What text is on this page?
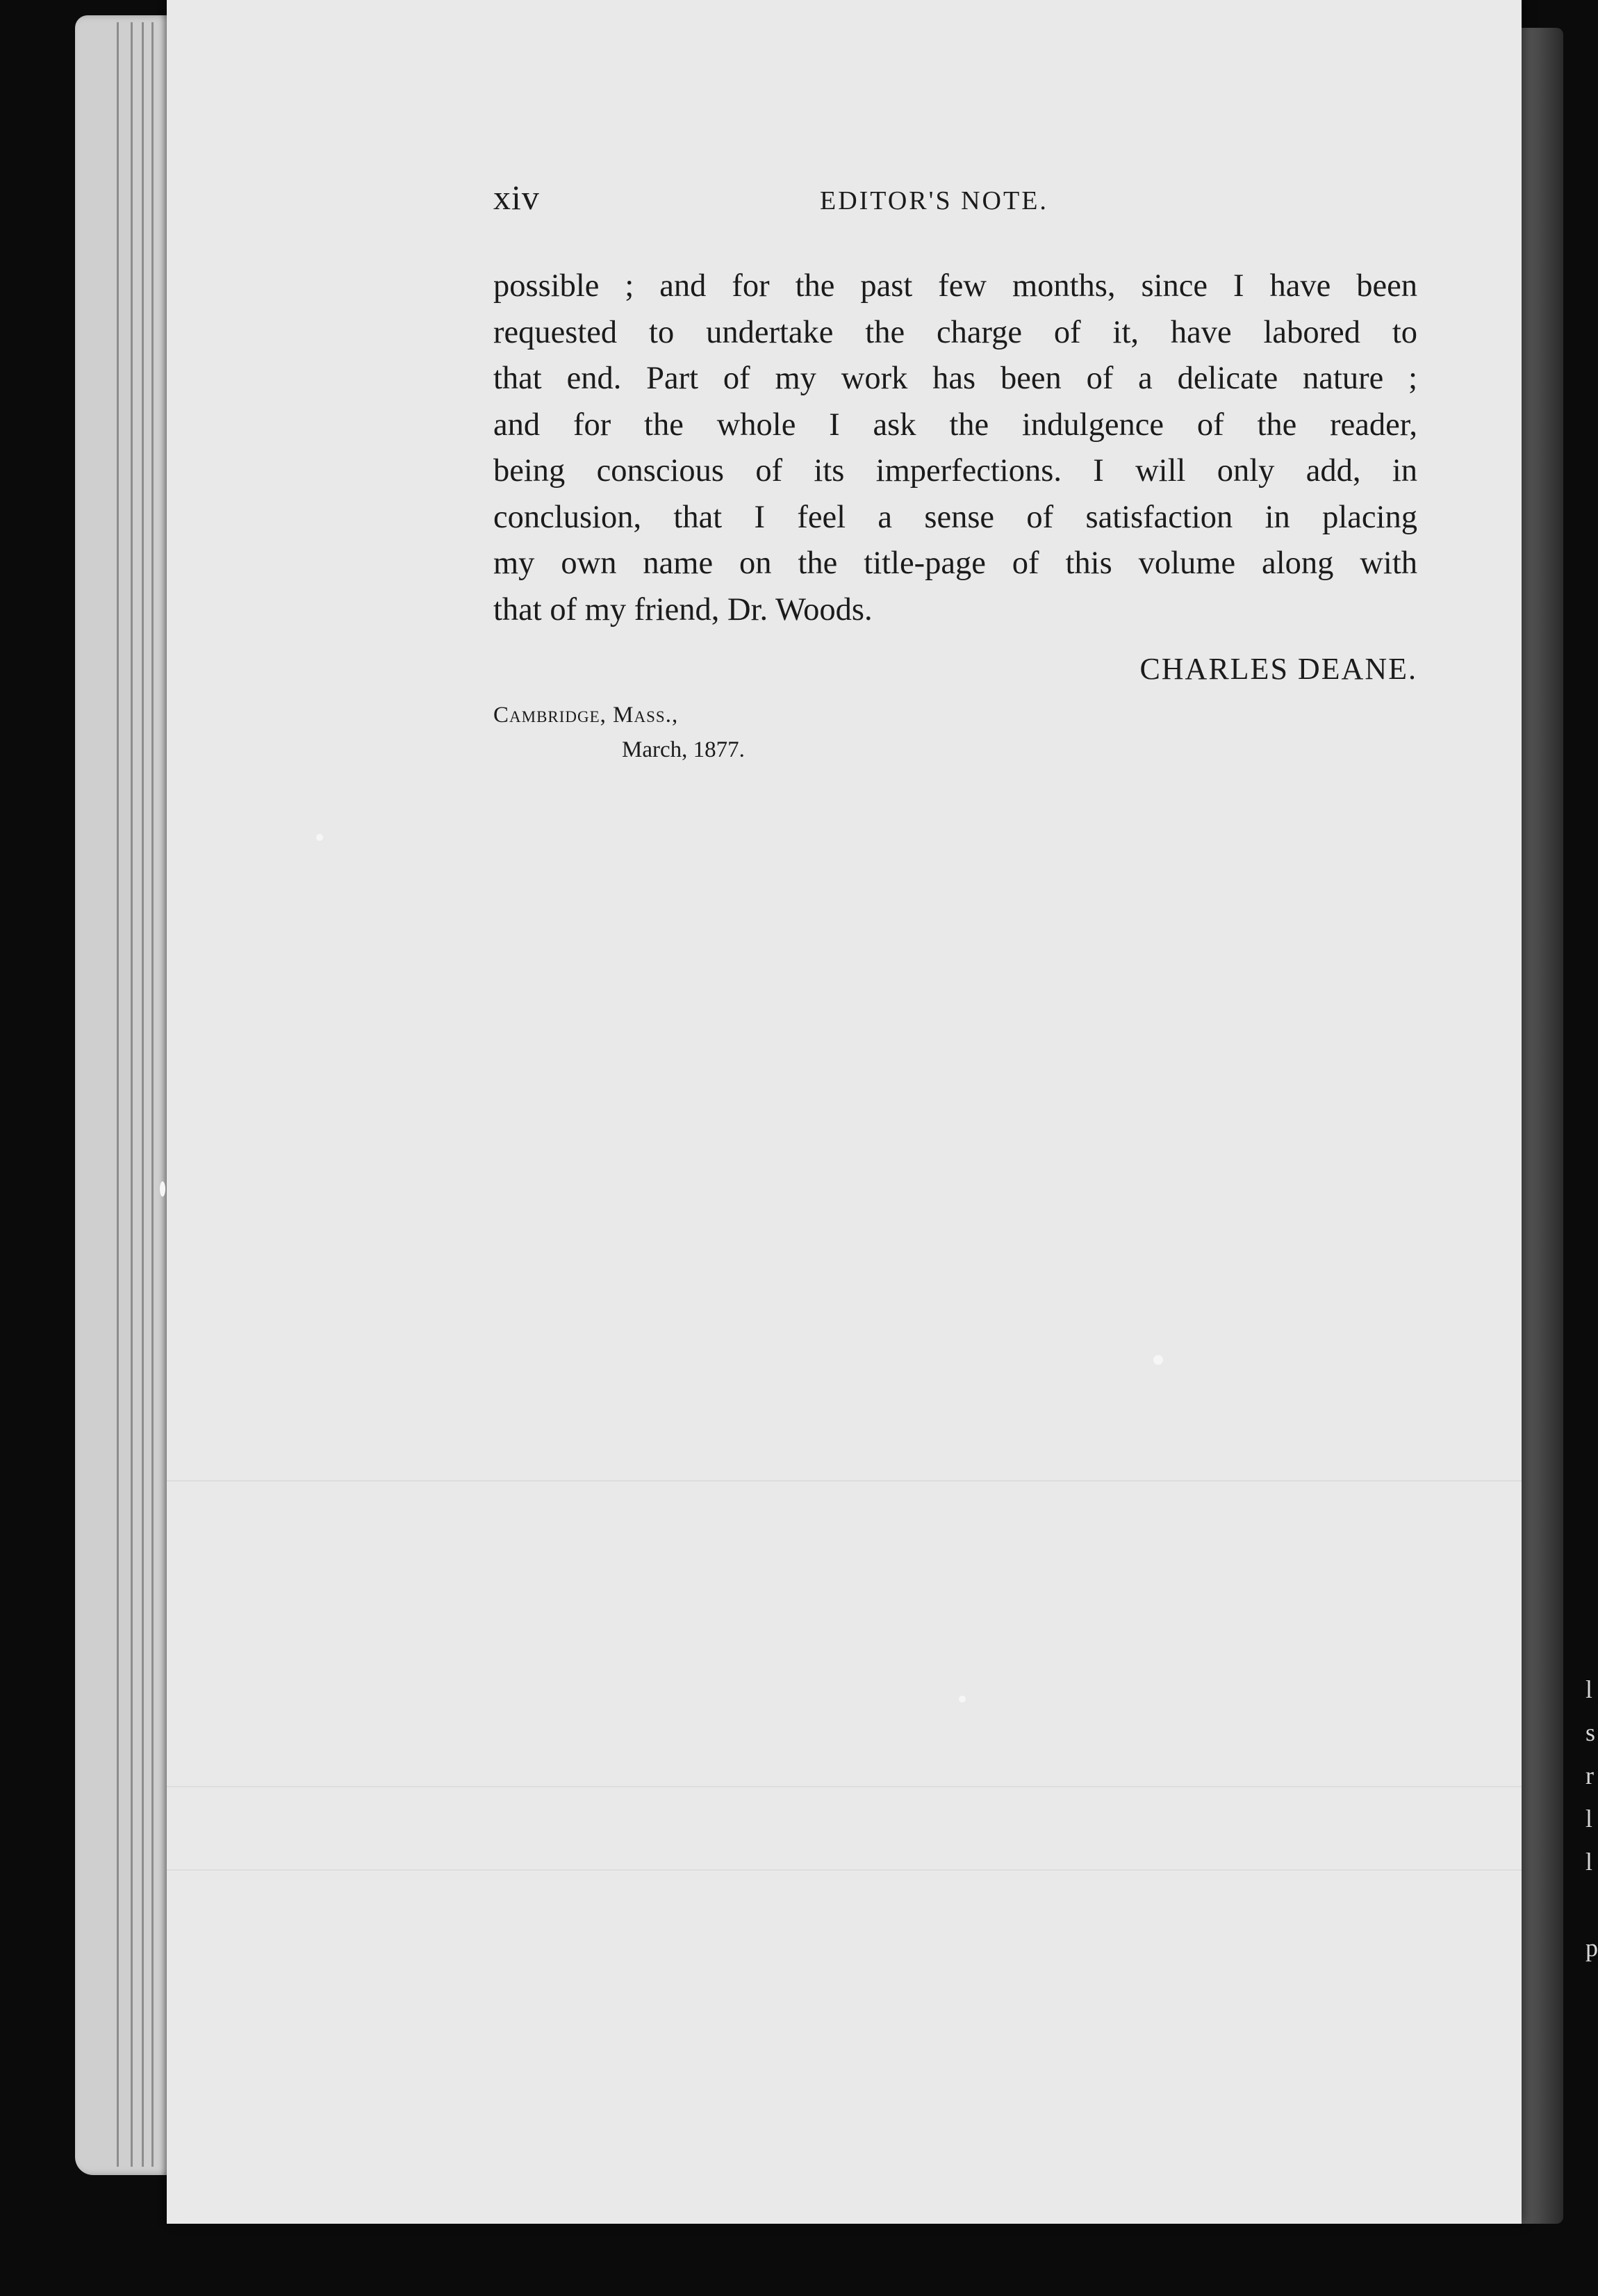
l
s
r
l
l

p
xiv	EDITOR'S NOTE.
possible ; and for the past few months, since I have been
requested to undertake the charge of it, have labored to
that end. Part of my work has been of a delicate nature ;
and for the whole I ask the indulgence of the reader,
being conscious of its imperfections. I will only add, in
conclusion, that I feel a sense of satisfaction in placing
my own name on the title-page of this volume along with
that of my friend, Dr. Woods.
CHARLES DEANE.
Cambridge, Mass.,
March, 1877.
